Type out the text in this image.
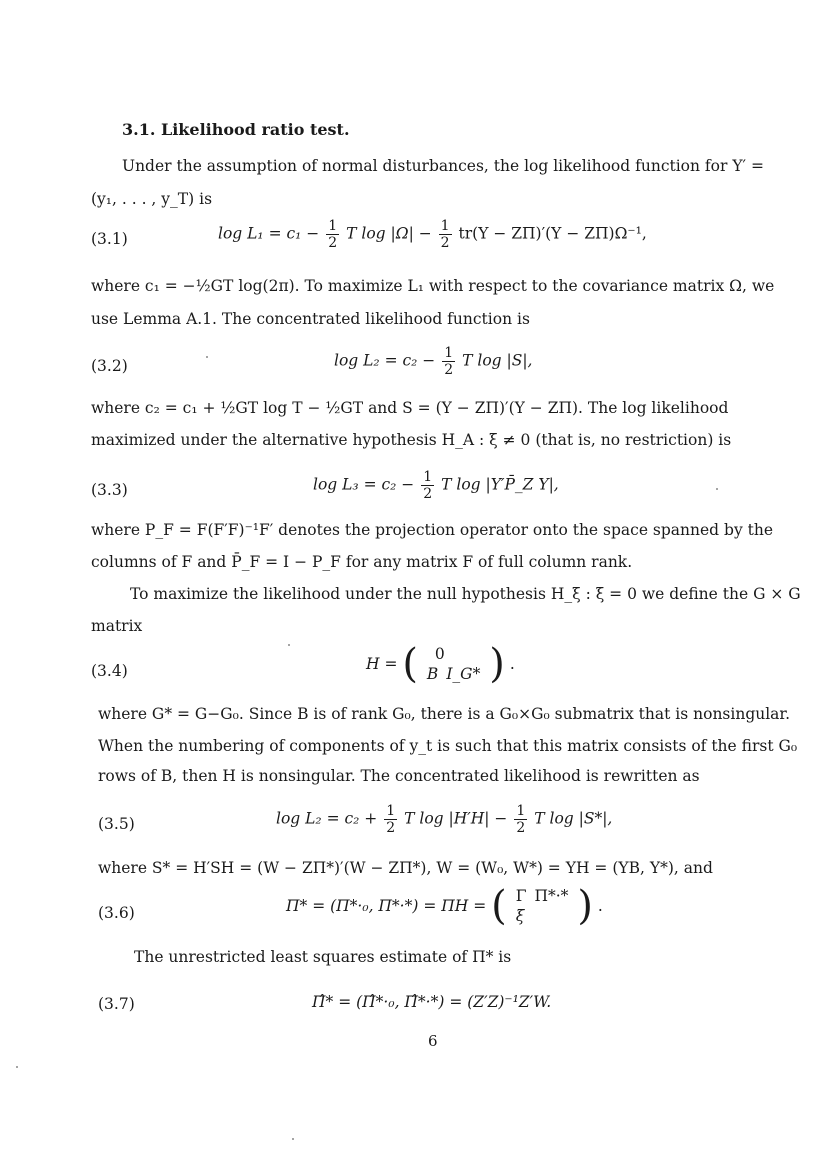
3.1. Likelihood ratio test.
Under the assumption of normal disturbances, the log likelihood function for Y′ =
(y₁, . . . , y_T) is
(3.1)	$\log L_1 = c_1 - \frac{1}{2}$ T $\log |\Omega| - \frac{1}{2} tr(Y - Z\Pi)'(Y - Z\Pi)\Omega^{-1}$,
where c₁ = −½GT log(2π). To maximize L₁ with respect to the covariance matrix Ω, we
use Lemma A.1. The concentrated likelihood function is
(3.2)	$\log L_2 = c_2 - \frac{1}{2}$ T log |S|,
where c₂ = c₁ + ½GT log T − ½GT and S = (Y − ZΠ)′(Y − ZΠ). The log likelihood
maximized under the alternative hypothesis H_A : ξ ≠ 0 (that is, no restriction) is
(3.3)	$\log L_3 = c_2 - \frac{1}{2}$ T log |Y′P̄_Z Y|,
where P_F = F(F′F)⁻¹F′ denotes the projection operator onto the space spanned by the
columns of F and P̄_F = I − P_F for any matrix F of full column rank.
To maximize the likelihood under the null hypothesis H_ξ : ξ = 0 we define the G × G
matrix
(3.4)	H = (	0
B I_G* ) .
where G* = G−G₀. Since B is of rank G₀, there is a G₀×G₀ submatrix that is nonsingular.
When the numbering of components of y_t is such that this matrix consists of the first G₀
rows of B, then H is nonsingular. The concentrated likelihood is rewritten as
(3.5)	$\log L_2 = c_2 + \frac{1}{2}$ T $\log |H'H| - \frac{1}{2}$ T log |S*|,
where S* = H′SH = (W − ZΠ*)′(W − ZΠ*), W = (W₀, W*) = YH = (YB, Y*), and
(3.6)	Π* = (Π*·₀, Π*·*) = ΠH = ( Γ Π*·*
ξ	) .
The unrestricted least squares estimate of Π* is
(3.7)	Π̂* = (Π̂*·₀, Π̂*·*) = (Z′Z)⁻¹Z′W.
6
